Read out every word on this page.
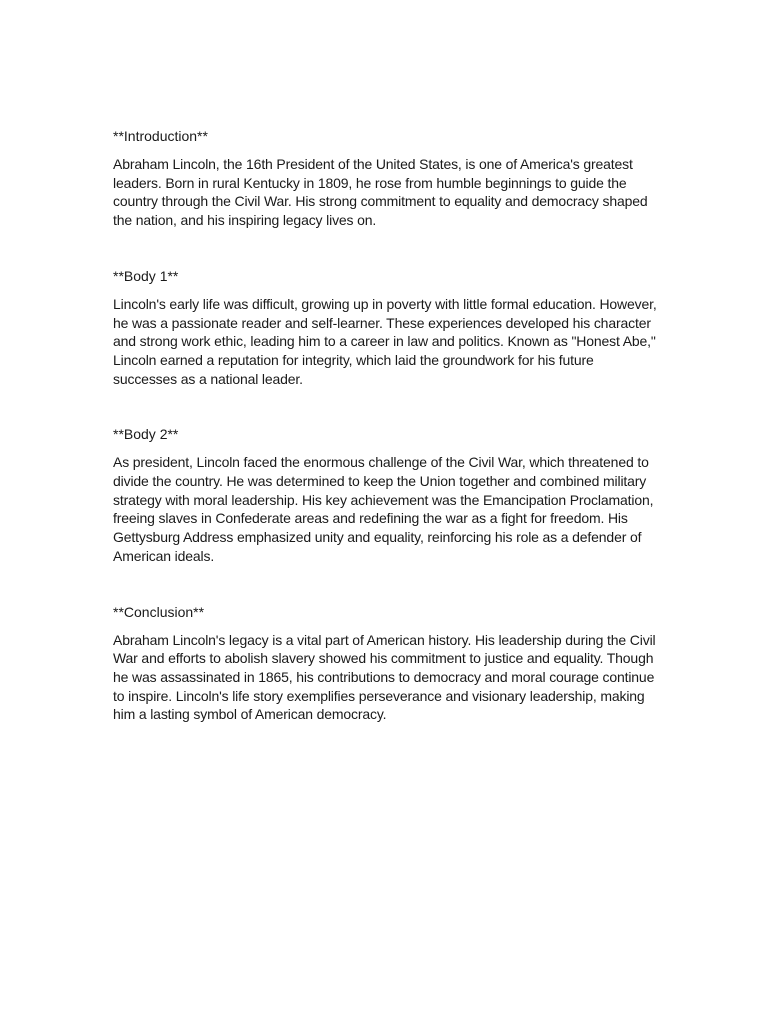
**Introduction**

Abraham Lincoln, the 16th President of the United States, is one of America's greatest leaders. Born in rural Kentucky in 1809, he rose from humble beginnings to guide the country through the Civil War. His strong commitment to equality and democracy shaped the nation, and his inspiring legacy lives on.

**Body 1**

Lincoln's early life was difficult, growing up in poverty with little formal education. However, he was a passionate reader and self-learner. These experiences developed his character and strong work ethic, leading him to a career in law and politics. Known as "Honest Abe," Lincoln earned a reputation for integrity, which laid the groundwork for his future successes as a national leader.

**Body 2**

As president, Lincoln faced the enormous challenge of the Civil War, which threatened to divide the country. He was determined to keep the Union together and combined military strategy with moral leadership. His key achievement was the Emancipation Proclamation, freeing slaves in Confederate areas and redefining the war as a fight for freedom. His Gettysburg Address emphasized unity and equality, reinforcing his role as a defender of American ideals.

**Conclusion**

Abraham Lincoln's legacy is a vital part of American history. His leadership during the Civil War and efforts to abolish slavery showed his commitment to justice and equality. Though he was assassinated in 1865, his contributions to democracy and moral courage continue to inspire. Lincoln's life story exemplifies perseverance and visionary leadership, making him a lasting symbol of American democracy.
